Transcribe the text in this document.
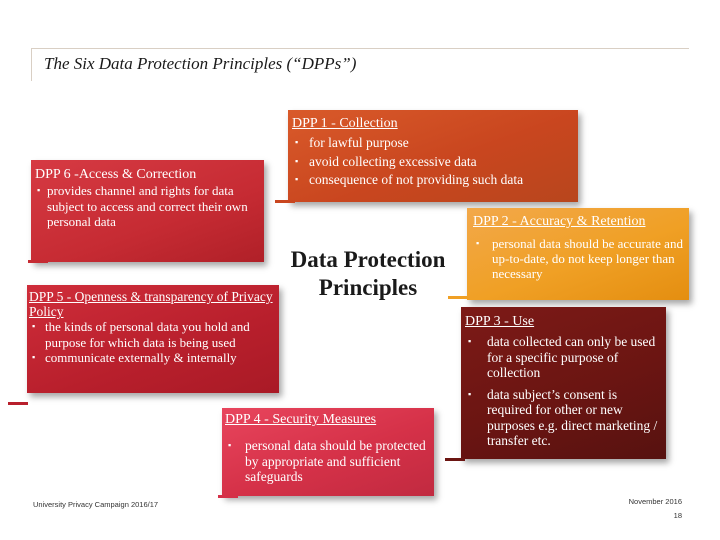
The Six Data Protection Principles (“DPPs”)
DPP 1 - Collection
▪ for lawful purpose
▪ avoid collecting excessive data
▪ consequence of not providing such data
DPP 6 -Access & Correction
▪ provides channel and rights for data subject to access and correct their own personal data
DPP 5 - Openness & transparency of Privacy Policy
▪ the kinds of personal data you hold and purpose for which data is being used
▪ communicate externally & internally
DPP 4 - Security Measures
▪ personal data should be protected by appropriate and sufficient safeguards
Data Protection Principles
DPP 2 - Accuracy & Retention
▪ personal data should be accurate and up-to-date, do not keep longer than necessary
DPP 3 - Use
▪ data collected can only be used for a specific purpose of collection
▪ data subject’s consent is required for other or new purposes e.g. direct marketing / transfer etc.
University Privacy Campaign 2016/17	November 2016
18
